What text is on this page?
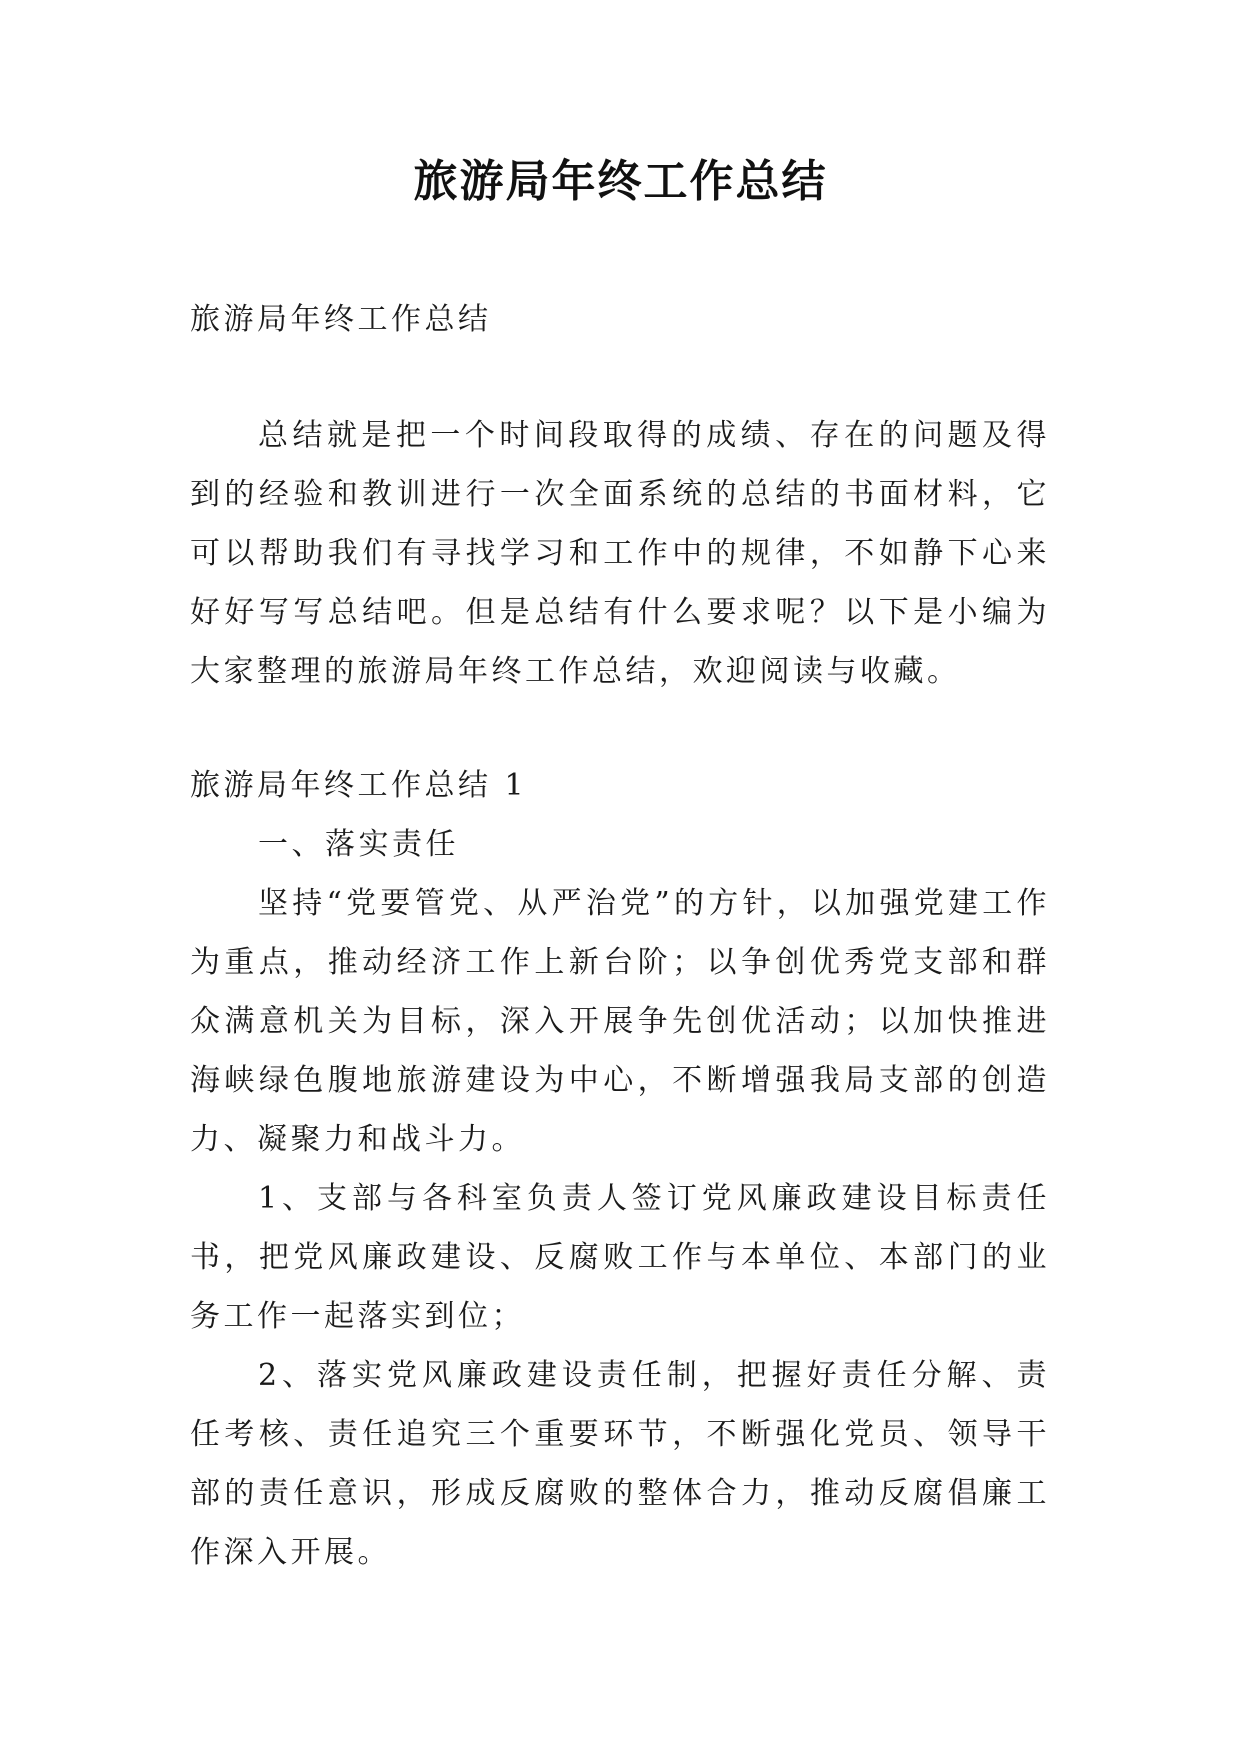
旅游局年终工作总结

旅游局年终工作总结

总结就是把一个时间段取得的成绩、存在的问题及得到的经验和教训进行一次全面系统的总结的书面材料，它可以帮助我们有寻找学习和工作中的规律，不如静下心来好好写写总结吧。但是总结有什么要求呢？以下是小编为大家整理的旅游局年终工作总结，欢迎阅读与收藏。

旅游局年终工作总结 1

一、落实责任

坚持“党要管党、从严治党”的方针，以加强党建工作为重点，推动经济工作上新台阶；以争创优秀党支部和群众满意机关为目标，深入开展争先创优活动；以加快推进海峡绿色腹地旅游建设为中心，不断增强我局支部的创造力、凝聚力和战斗力。

1、支部与各科室负责人签订党风廉政建设目标责任书，把党风廉政建设、反腐败工作与本单位、本部门的业务工作一起落实到位；

2、落实党风廉政建设责任制，把握好责任分解、责任考核、责任追究三个重要环节，不断强化党员、领导干部的责任意识，形成反腐败的整体合力，推动反腐倡廉工作深入开展。
